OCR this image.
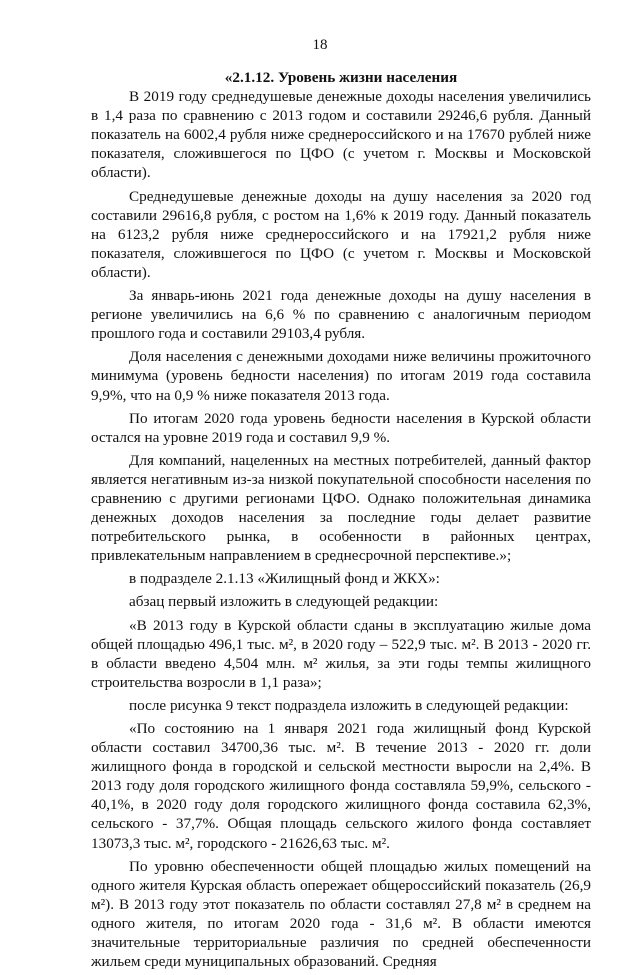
18
«2.1.12. Уровень жизни населения

В 2019 году среднедушевые денежные доходы населения увеличились в 1,4 раза по сравнению с 2013 годом и составили 29246,6 рубля. Данный показатель на 6002,4 рубля ниже среднероссийского и на 17670 рублей ниже показателя, сложившегося по ЦФО (с учетом г. Москвы и Московской области).

Среднедушевые денежные доходы на душу населения за 2020 год составили 29616,8 рубля, с ростом на 1,6% к 2019 году. Данный показатель на 6123,2 рубля ниже среднероссийского и на 17921,2 рубля ниже показателя, сложившегося по ЦФО (с учетом г. Москвы и Московской области).

За январь-июнь 2021 года денежные доходы на душу населения в регионе увеличились на 6,6 % по сравнению с аналогичным периодом прошлого года и составили 29103,4 рубля.

Доля населения с денежными доходами ниже величины прожиточного минимума (уровень бедности населения) по итогам 2019 года составила 9,9%, что на 0,9 % ниже показателя 2013 года.

По итогам 2020 года уровень бедности населения в Курской области остался на уровне 2019 года и составил 9,9 %.

Для компаний, нацеленных на местных потребителей, данный фактор является негативным из-за низкой покупательной способности населения по сравнению с другими регионами ЦФО. Однако положительная динамика денежных доходов населения за последние годы делает развитие потребительского рынка, в особенности в районных центрах, привлекательным направлением в среднесрочной перспективе.»;

в подразделе 2.1.13 «Жилищный фонд и ЖКХ»:

абзац первый изложить в следующей редакции:

«В 2013 году в Курской области сданы в эксплуатацию жилые дома общей площадью 496,1 тыс. м², в 2020 году – 522,9 тыс. м². В 2013 - 2020 гг. в области введено 4,504 млн. м² жилья, за эти годы темпы жилищного строительства возросли в 1,1 раза»;

после рисунка 9 текст подраздела изложить в следующей редакции:

«По состоянию на 1 января 2021 года жилищный фонд Курской области составил 34700,36 тыс. м². В течение 2013 - 2020 гг. доли жилищного фонда в городской и сельской местности выросли на 2,4%. В 2013 году доля городского жилищного фонда составляла 59,9%, сельского - 40,1%, в 2020 году доля городского жилищного фонда составила 62,3%, сельского - 37,7%. Общая площадь сельского жилого фонда составляет 13073,3 тыс. м², городского - 21626,63 тыс. м².

По уровню обеспеченности общей площадью жилых помещений на одного жителя Курская область опережает общероссийский показатель (26,9 м²). В 2013 году этот показатель по области составлял 27,8 м² в среднем на одного жителя, по итогам 2020 года - 31,6 м². В области имеются значительные территориальные различия по средней обеспеченности жильем среди муниципальных образований. Средняя
